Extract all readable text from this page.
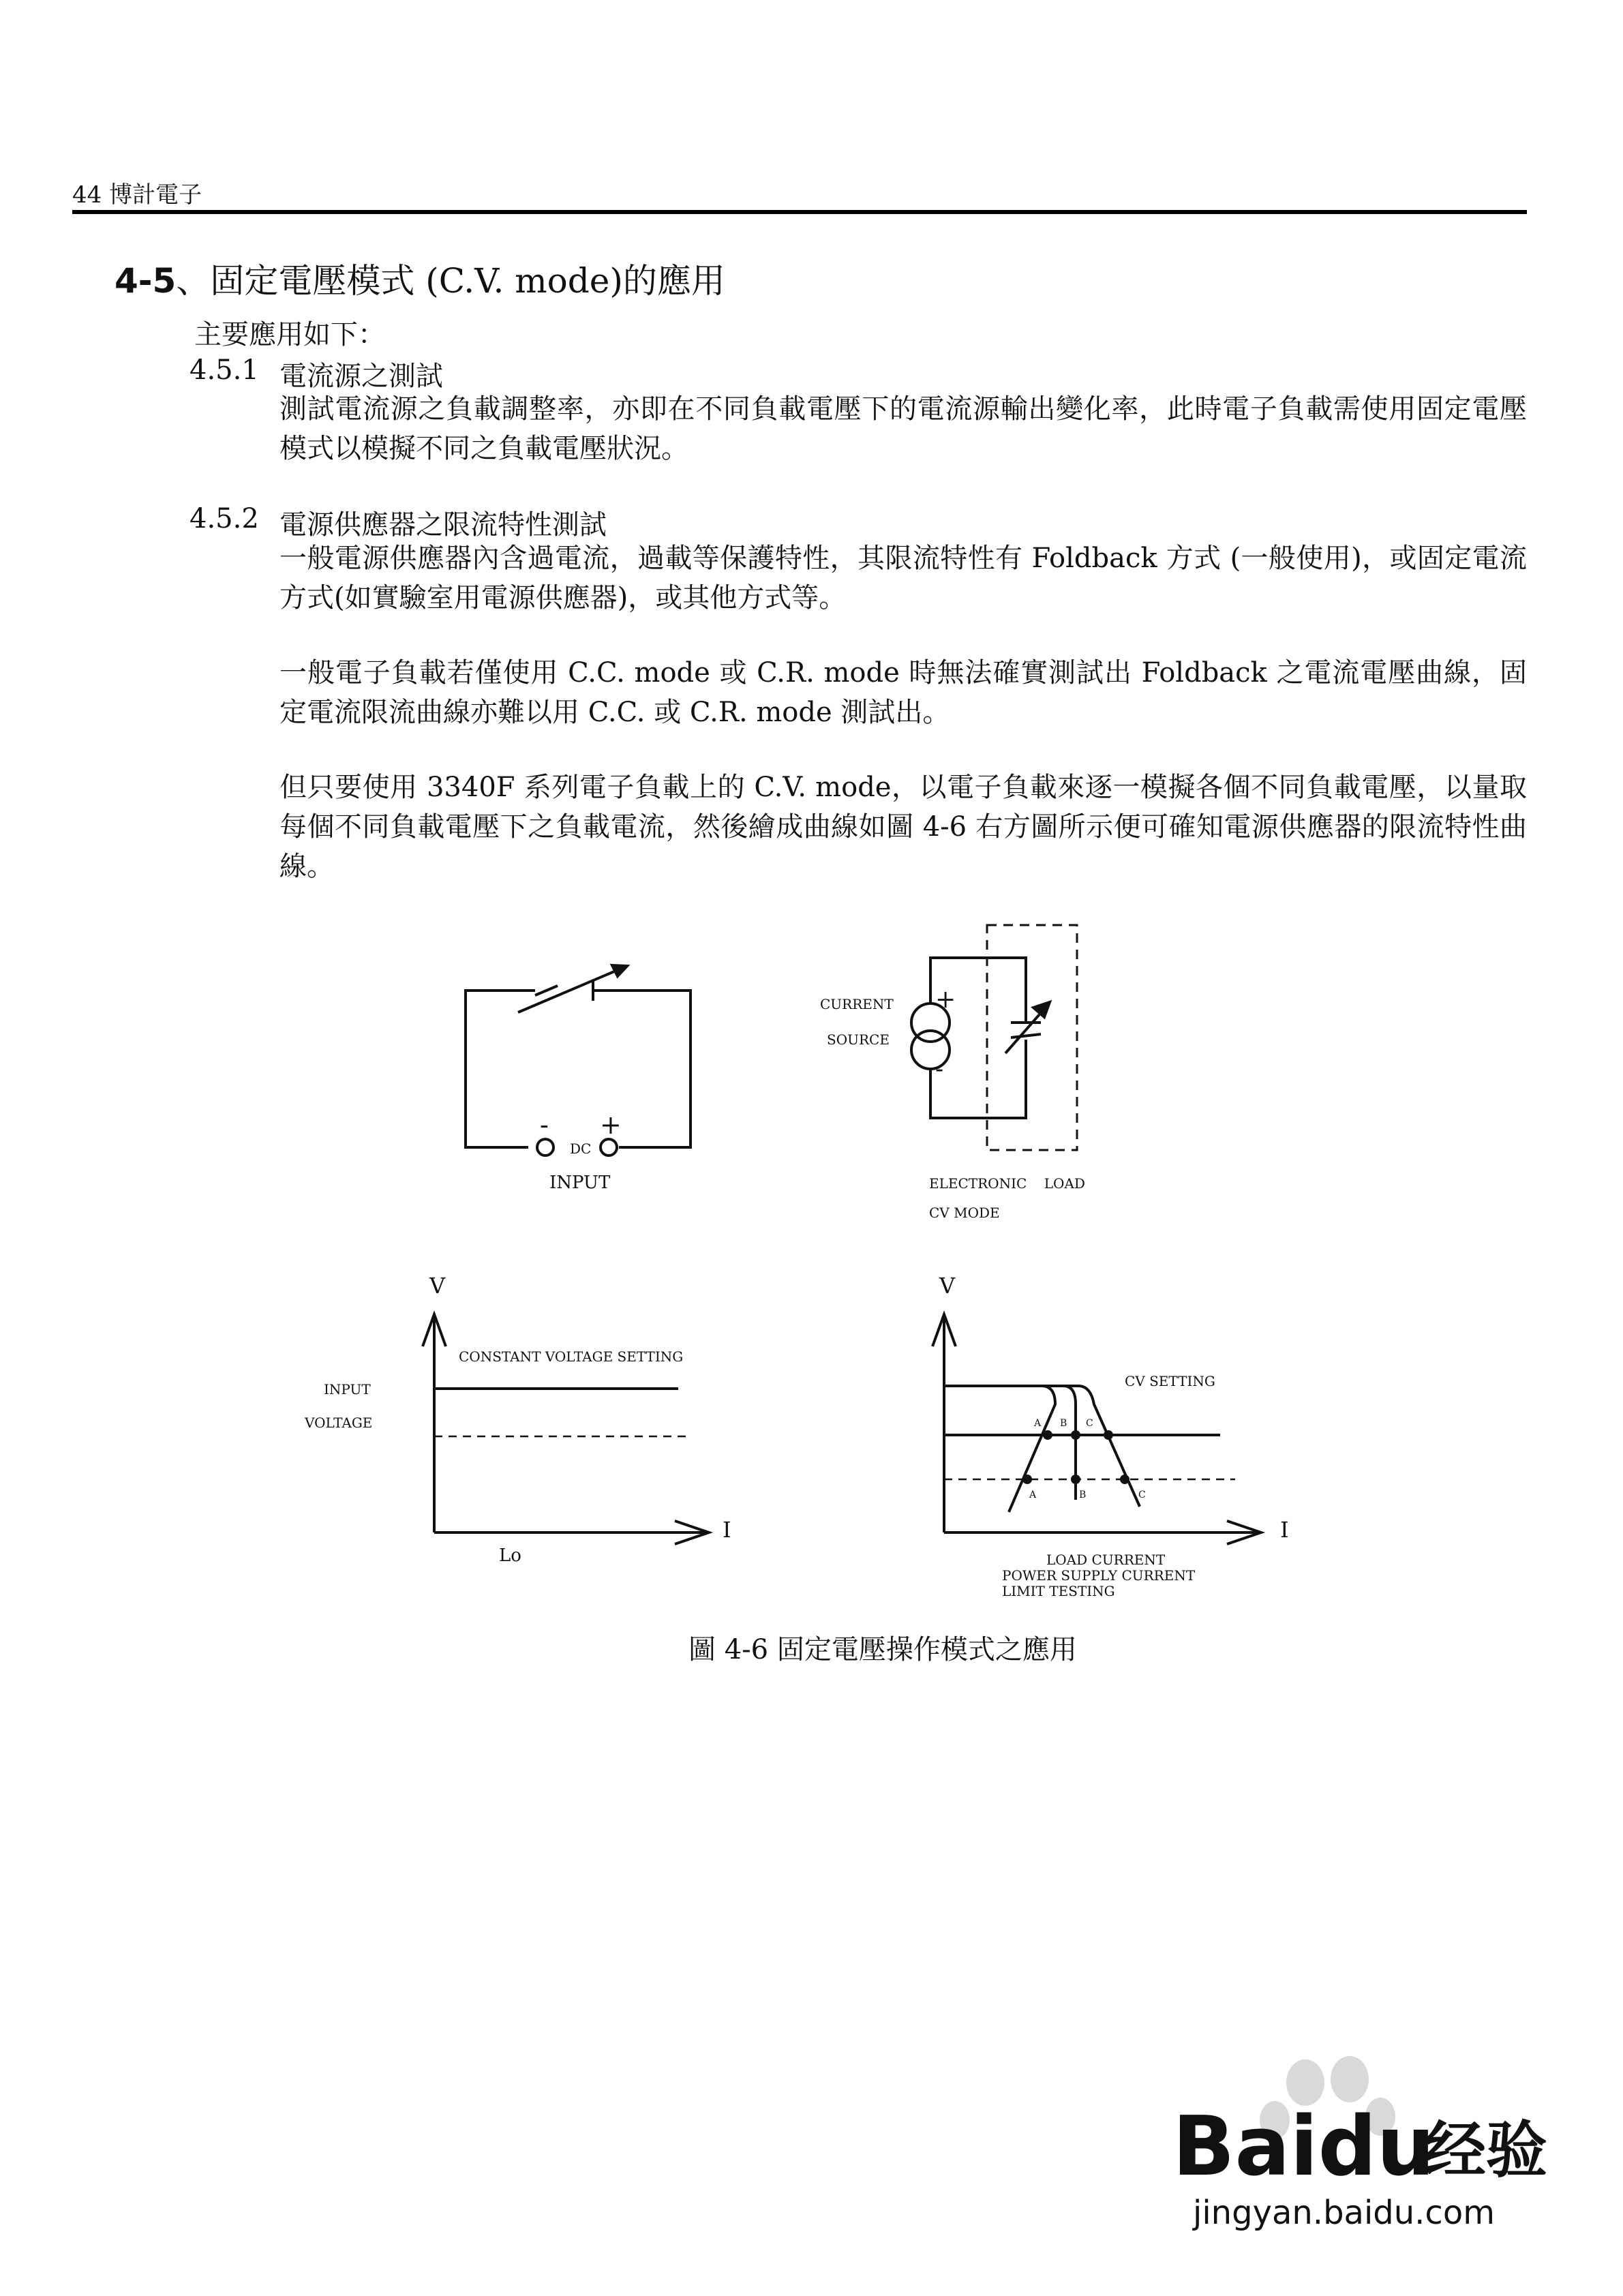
44 博計電子
4-5、固定電壓模式 (C.V. mode)的應用
主要應用如下：
4.5.1 電流源之測試
測試電流源之負載調整率，亦即在不同負載電壓下的電流源輸出變化率，此時電子負載需使用固定電壓模式以模擬不同之負載電壓狀況。
4.5.2 電源供應器之限流特性測試
一般電源供應器內含過電流，過載等保護特性，其限流特性有 Foldback 方式 (一般使用)，或固定電流方式(如實驗室用電源供應器)，或其他方式等。
一般電子負載若僅使用 C.C. mode 或 C.R. mode 時無法確實測試出 Foldback 之電流電壓曲線，固定電流限流曲線亦難以用 C.C. 或 C.R. mode 測試出。
但只要使用 3340F 系列電子負載上的 C.V. mode，以電子負載來逐一模擬各個不同負載電壓，以量取每個不同負載電壓下之負載電流，然後繪成曲線如圖 4-6 右方圖所示便可確知電源供應器的限流特性曲線。
- +
DC
INPUT
CURRENT
SOURCE
+
-
ELECTRONIC    LOAD
CV MODE
V
I
CONSTANT VOLTAGE SETTING
INPUT
VOLTAGE
Lo
V
I
CV SETTING
A B C
A	B	C
LOAD CURRENT
POWER SUPPLY CURRENT
LIMIT TESTING
圖 4-6 固定電壓操作模式之應用
Baidu
经验
jingyan.baidu.com
